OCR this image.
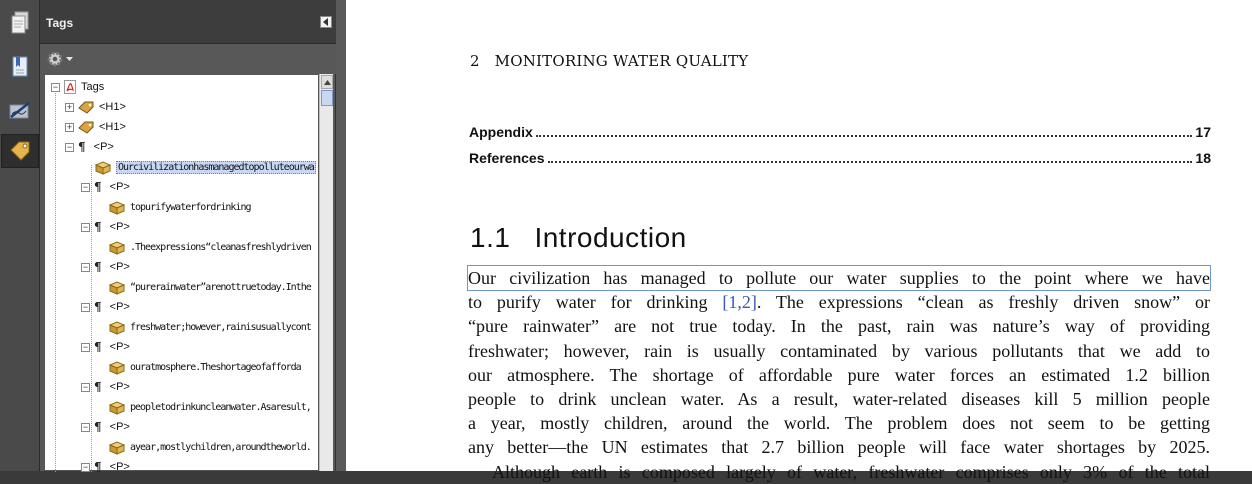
Tags
− Tags
+ <H1>
+ <H1>
− ¶ <P>
Ourcivilizationhasmanagedtopolluteourwa
− ¶ <P>
topurifywaterfordrinking
− ¶ <P>
.Theexpressions“cleanasfreshlydriven
− ¶ <P>
“purerainwater”arenottruetoday.Inthe
− ¶ <P>
freshwater;however,rainisusuallycont
− ¶ <P>
ouratmosphere.Theshortageofafforda
− ¶ <P>
peopletodrinkuncleanwater.Asaresult,
− ¶ <P>
ayear,mostlychildren,aroundtheworld.
− ¶ <P>
2 MONITORING WATER QUALITY
Appendix	17
References	18
1.1 Introduction

Our civilization has managed to pollute our water supplies to the point where we have

to purify water for drinking [1,2]. The expressions “clean as freshly driven snow” or

“pure rainwater” are not true today. In the past, rain was nature’s way of providing

freshwater; however, rain is usually contaminated by various pollutants that we add to

our atmosphere. The shortage of affordable pure water forces an estimated 1.2 billion

people to drink unclean water. As a result, water-related diseases kill 5 million people

a year, mostly children, around the world. The problem does not seem to be getting

any better—the UN estimates that 2.7 billion people will face water shortages by 2025.

Although earth is composed largely of water, freshwater comprises only 3% of the total
